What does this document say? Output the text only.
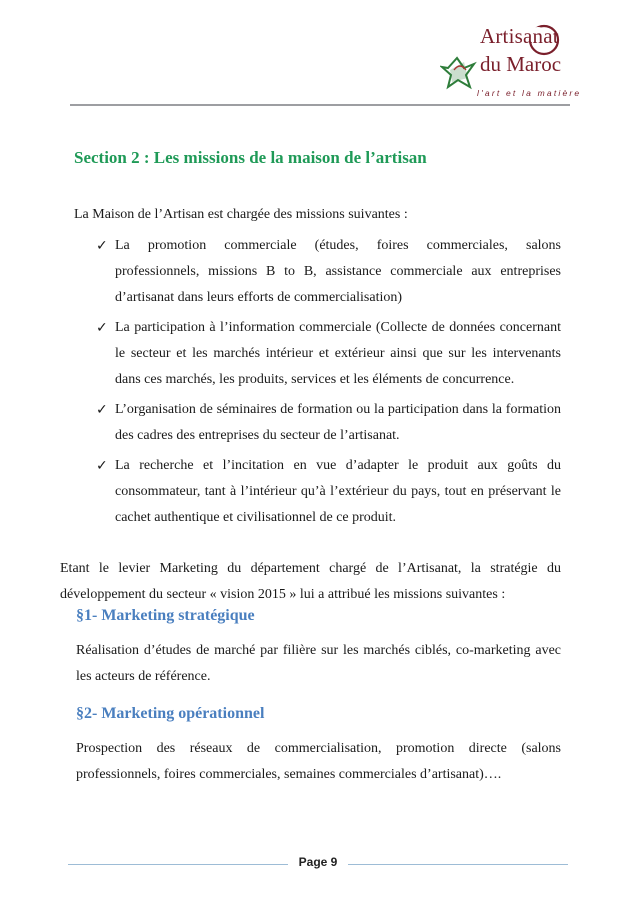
Artisanat
du Maroc
l'art et la matière
Section 2 : Les missions de la maison de l’artisan

La Maison de l’Artisan est chargée des missions suivantes :

✓ La promotion commerciale (études, foires commerciales, salons professionnels, missions B to B, assistance commerciale aux entreprises d’artisanat dans leurs efforts de commercialisation)
✓ La participation à l’information commerciale (Collecte de données concernant le secteur et les marchés intérieur et extérieur ainsi que sur les intervenants dans ces marchés, les produits, services et les éléments de concurrence.
✓ L’organisation de séminaires de formation ou la participation dans la formation des cadres des entreprises du secteur de l’artisanat.
✓ La recherche et l’incitation en vue d’adapter le produit aux goûts du consommateur, tant à l’intérieur qu’à l’extérieur du pays, tout en préservant le cachet authentique et civilisationnel de ce produit.

Etant le levier Marketing du département chargé de l’Artisanat, la stratégie du développement du secteur « vision 2015 » lui a attribué les missions suivantes :

§1- Marketing stratégique

Réalisation d’études de marché par filière sur les marchés ciblés, co-marketing avec les acteurs de référence.

§2- Marketing opérationnel

Prospection des réseaux de commercialisation, promotion directe (salons professionnels, foires commerciales, semaines commerciales d’artisanat)….

Page 9
